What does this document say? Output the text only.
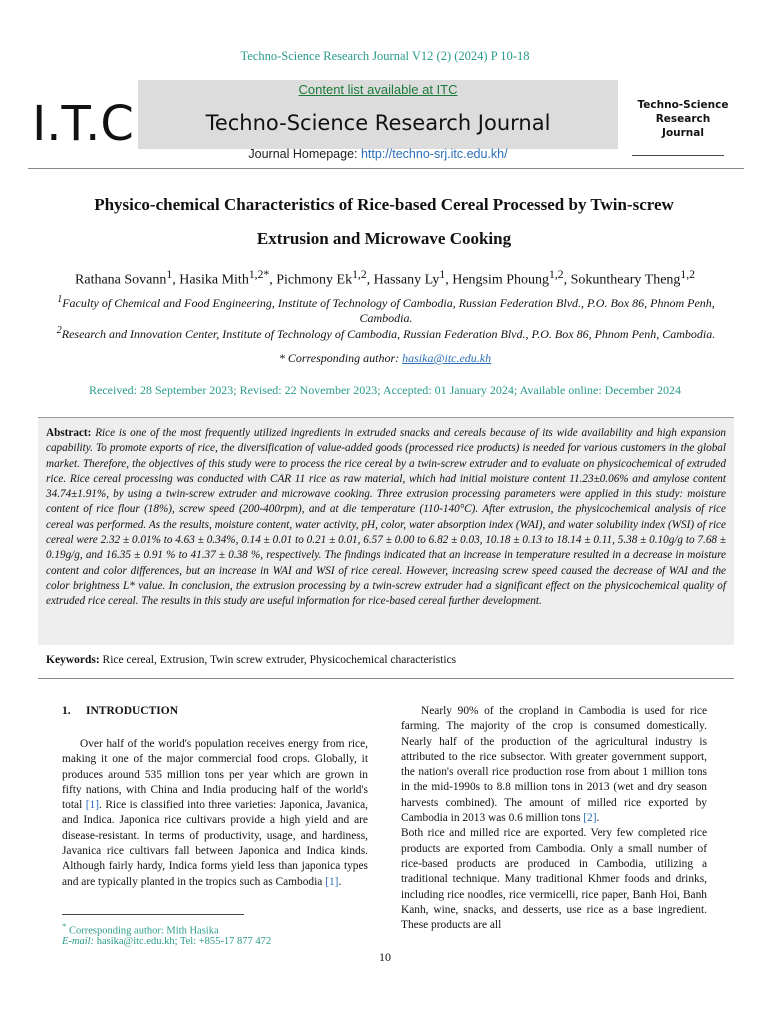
Techno-Science Research Journal V12 (2) (2024) P 10-18
I.T.C
Content list available at ITC
Techno-Science Research Journal
Journal Homepage: http://techno-srj.itc.edu.kh/
Techno-Science
Research
Journal
Physico-chemical Characteristics of Rice-based Cereal Processed by Twin-screw
Extrusion and Microwave Cooking
Rathana Sovann$^1$, Hasika Mith$^{1,2*}$, Pichmony Ek$^{1,2}$, Hassany Ly$^1$, Hengsim Phoung$^{1,2}$, Sokuntheary Theng$^{1,2}$
$^1$Faculty of Chemical and Food Engineering, Institute of Technology of Cambodia, Russian Federation Blvd., P.O. Box 86, Phnom Penh, Cambodia.
$^2$Research and Innovation Center, Institute of Technology of Cambodia, Russian Federation Blvd., P.O. Box 86, Phnom Penh, Cambodia.
* Corresponding author: hasika@itc.edu.kh
Received: 28 September 2023; Revised: 22 November 2023; Accepted: 01 January 2024; Available online: December 2024
Abstract: Rice is one of the most frequently utilized ingredients in extruded snacks and cereals because of its wide availability and high expansion capability. To promote exports of rice, the diversification of value-added goods (processed rice products) is needed for various customers in the global market. Therefore, the objectives of this study were to process the rice cereal by a twin-screw extruder and to evaluate on physicochemical of extruded rice. Rice cereal processing was conducted with CAR 11 rice as raw material, which had initial moisture content 11.23±0.06% and amylose content 34.74±1.91%, by using a twin-screw extruder and microwave cooking. Three extrusion processing parameters were applied in this study: moisture content of rice flour (18%), screw speed (200-400rpm), and at die temperature (110-140°C). After extrusion, the physicochemical analysis of rice cereal was performed. As the results, moisture content, water activity, pH, color, water absorption index (WAI), and water solubility index (WSI) of rice cereal were 2.32 ± 0.01% to 4.63 ± 0.34%, 0.14 ± 0.01 to 0.21 ± 0.01, 6.57 ± 0.00 to 6.82 ± 0.03, 10.18 ± 0.13 to 18.14 ± 0.11, 5.38 ± 0.10g/g to 7.68 ± 0.19g/g, and 16.35 ± 0.91 % to 41.37 ± 0.38 %, respectively. The findings indicated that an increase in temperature resulted in a decrease in moisture content and color differences, but an increase in WAI and WSI of rice cereal. However, increasing screw speed caused the decrease of WAI and the color brightness L* value. In conclusion, the extrusion processing by a twin-screw extruder had a significant effect on the physicochemical quality of extruded rice cereal. The results in this study are useful information for rice-based cereal further development.
Keywords: Rice cereal, Extrusion, Twin screw extruder, Physicochemical characteristics
1. INTRODUCTION
Over half of the world's population receives energy from rice, making it one of the major commercial food crops. Globally, it produces around 535 million tons per year which are grown in fifty nations, with China and India producing half of the world's total [1]. Rice is classified into three varieties: Japonica, Javanica, and Indica. Japonica rice cultivars provide a high yield and are disease-resistant. In terms of productivity, usage, and hardiness, Javanica rice cultivars fall between Japonica and Indica kinds. Although fairly hardy, Indica forms yield less than japonica types and are typically planted in the tropics such as Cambodia [1].

Nearly 90% of the cropland in Cambodia is used for rice farming. The majority of the crop is consumed domestically. Nearly half of the production of the agricultural industry is attributed to the rice subsector. With greater government support, the nation's overall rice production rose from about 1 million tons in the mid-1990s to 8.8 million tons in 2013 (wet and dry season harvests combined). The amount of milled rice exported by Cambodia in 2013 was 0.6 million tons [2].

Both rice and milled rice are exported. Very few completed rice products are exported from Cambodia. Only a small number of rice-based products are produced in Cambodia, utilizing a traditional technique. Many traditional Khmer foods and drinks, including rice noodles, rice vermicelli, rice paper, Banh Hoi, Banh Kanh, wine, snacks, and desserts, use rice as a base ingredient. These products are all

* Corresponding author: Mith Hasika
E-mail: hasika@itc.edu.kh; Tel: +855-17 877 472
10
